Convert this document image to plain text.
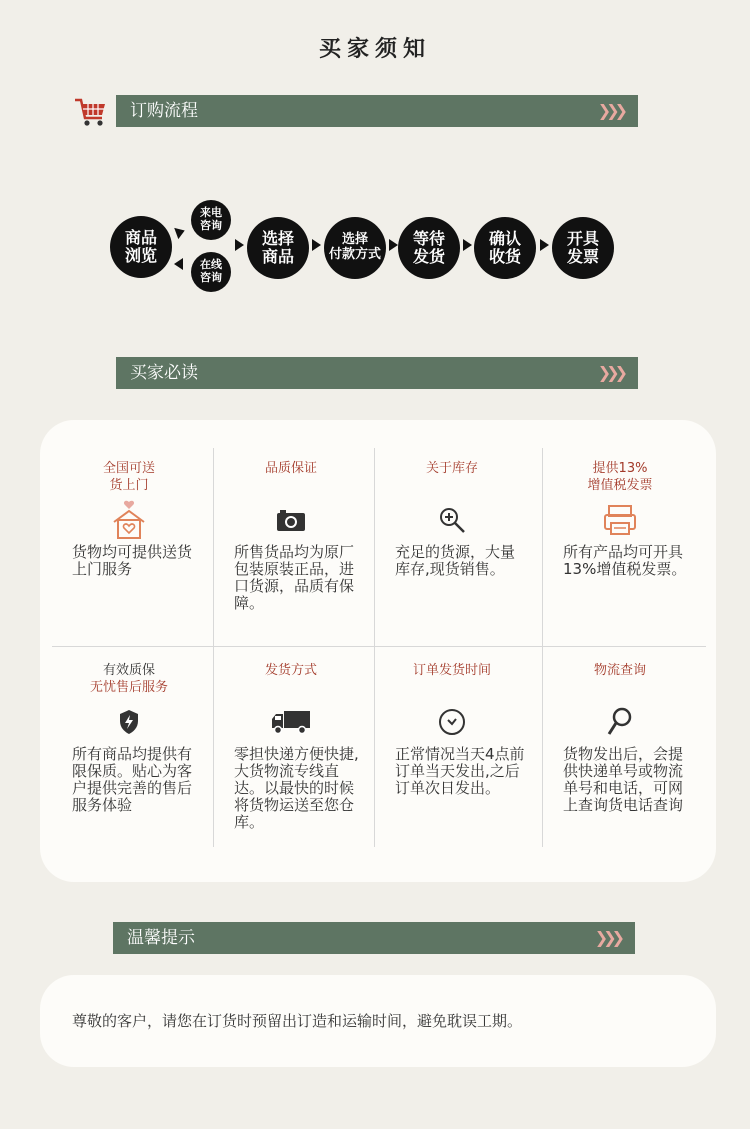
买家须知
订购流程	❯
❯
❯
商品
浏览
来电
咨询
在线
咨询
选择
商品
选择
付款方式
等待
发货
确认
收货
开具
发票
买家必读	❯
❯
❯
全国可送
货上门
货物均可提供送货上门服务
品质保证

所售货品均为原厂包装原装正品，进口货源，品质有保障。
关于库存

充足的货源，大量库存,现货销售。
提供13%
增值税发票
所有产品均可开具13%增值税发票。
有效质保
无忧售后服务
所有商品均提供有限保质。贴心为客户提供完善的售后服务体验
发货方式

零担快递方便快捷,大货物流专线直达。以最快的时候将货物运送至您仓库。
订单发货时间

正常情况当天4点前订单当天发出,之后订单次日发出。
物流查询

货物发出后，会提供快递单号或物流单号和电话，可网上查询货电话查询
温馨提示	❯
❯
❯
尊敬的客户，请您在订货时预留出订造和运输时间，避免耽误工期。
